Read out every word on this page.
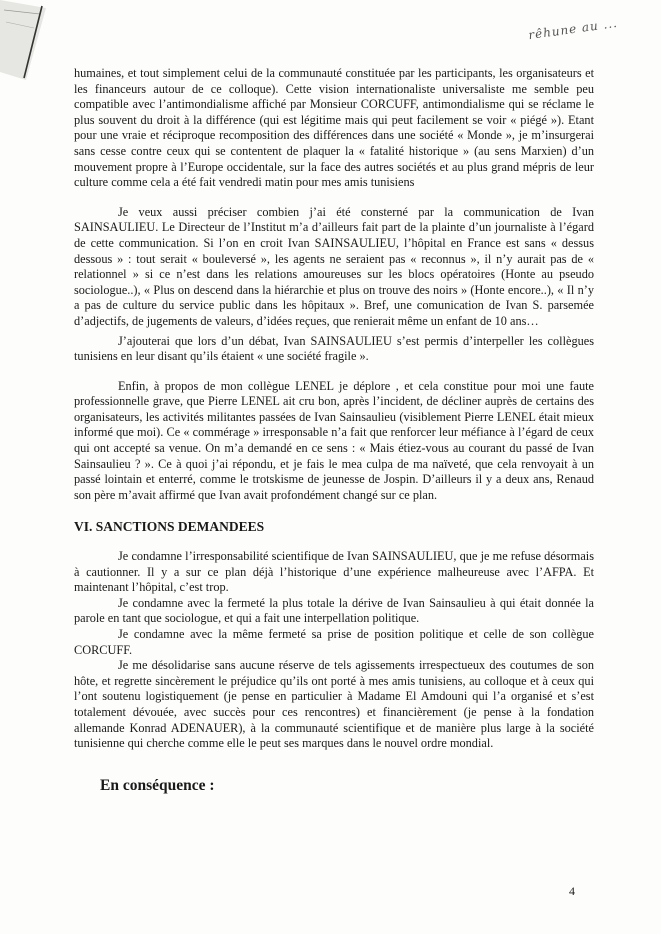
rêhune au ...

humaines, et tout simplement celui de la communauté constituée par les participants, les organisateurs et les financeurs autour de ce colloque). Cette vision internationaliste universaliste me semble peu compatible avec l’antimondialisme affiché par Monsieur CORCUFF, antimondialisme qui se réclame le plus souvent du droit à la différence (qui est légitime mais qui peut facilement se voir « piégé »). Etant pour une vraie et réciproque recomposition des différences dans une société « Monde », je m’insurgerai sans cesse contre ceux qui se contentent de plaquer la « fatalité historique » (au sens Marxien) d’un mouvement propre à l’Europe occidentale, sur la face des autres sociétés et au plus grand mépris de leur culture comme cela a été fait vendredi matin pour mes amis tunisiens

Je veux aussi préciser combien j’ai été consterné par la communication de Ivan SAINSAULIEU. Le Directeur de l’Institut m’a d’ailleurs fait part de la plainte d’un journaliste à l’égard de cette communication. Si l’on en croit Ivan SAINSAULIEU, l’hôpital en France est sans « dessus dessous » : tout serait « bouleversé », les agents ne seraient pas « reconnus », il n’y aurait pas de « relationnel » si ce n’est dans les relations amoureuses sur les blocs opératoires (Honte au pseudo sociologue..), « Plus on descend dans la hiérarchie et plus on trouve des noirs » (Honte encore..), « Il n’y a pas de culture du service public dans les hôpitaux ». Bref, une comunication de Ivan S. parsemée d’adjectifs, de jugements de valeurs, d’idées reçues, que renierait même un enfant de 10 ans…

J’ajouterai que lors d’un débat, Ivan SAINSAULIEU s’est permis d’interpeller les collègues tunisiens en leur disant qu’ils étaient « une société fragile ».

Enfin, à propos de mon collègue LENEL je déplore , et cela constitue pour moi une faute professionnelle grave, que Pierre LENEL ait cru bon, après l’incident, de décliner auprès de certains des organisateurs, les activités militantes passées de Ivan Sainsaulieu (visiblement Pierre LENEL était mieux informé que moi). Ce « commérage » irresponsable n’a fait que renforcer leur méfiance à l’égard de ceux qui ont accepté sa venue. On m’a demandé en ce sens : « Mais étiez-vous au courant du passé de Ivan Sainsaulieu ? ». Ce à quoi j’ai répondu, et je fais le mea culpa de ma naïveté, que cela renvoyait à un passé lointain et enterré, comme le trotskisme de jeunesse de Jospin. D’ailleurs il y a deux ans, Renaud son père m’avait affirmé que Ivan avait profondément changé sur ce plan.

VI. SANCTIONS DEMANDEES

Je condamne l’irresponsabilité scientifique de Ivan SAINSAULIEU, que je me refuse désormais à cautionner. Il y a sur ce plan déjà l’historique d’une expérience malheureuse avec l’AFPA. Et maintenant l’hôpital, c’est trop.

Je condamne avec la fermeté la plus totale la dérive de Ivan Sainsaulieu à qui était donnée la parole en tant que sociologue, et qui a fait une interpellation politique.

Je condamne avec la même fermeté sa prise de position politique et celle de son collègue CORCUFF.

Je me désolidarise sans aucune réserve de tels agissements irrespectueux des coutumes de son hôte, et regrette sincèrement le préjudice qu’ils ont porté à mes amis tunisiens, au colloque et à ceux qui l’ont soutenu logistiquement (je pense en particulier à Madame El Amdouni qui l’a organisé et s’est totalement dévouée, avec succès pour ces rencontres) et financièrement (je pense à la fondation allemande Konrad ADENAUER), à la communauté scientifique et de manière plus large à la société tunisienne qui cherche comme elle le peut ses marques dans le nouvel ordre mondial.

En conséquence :
4
